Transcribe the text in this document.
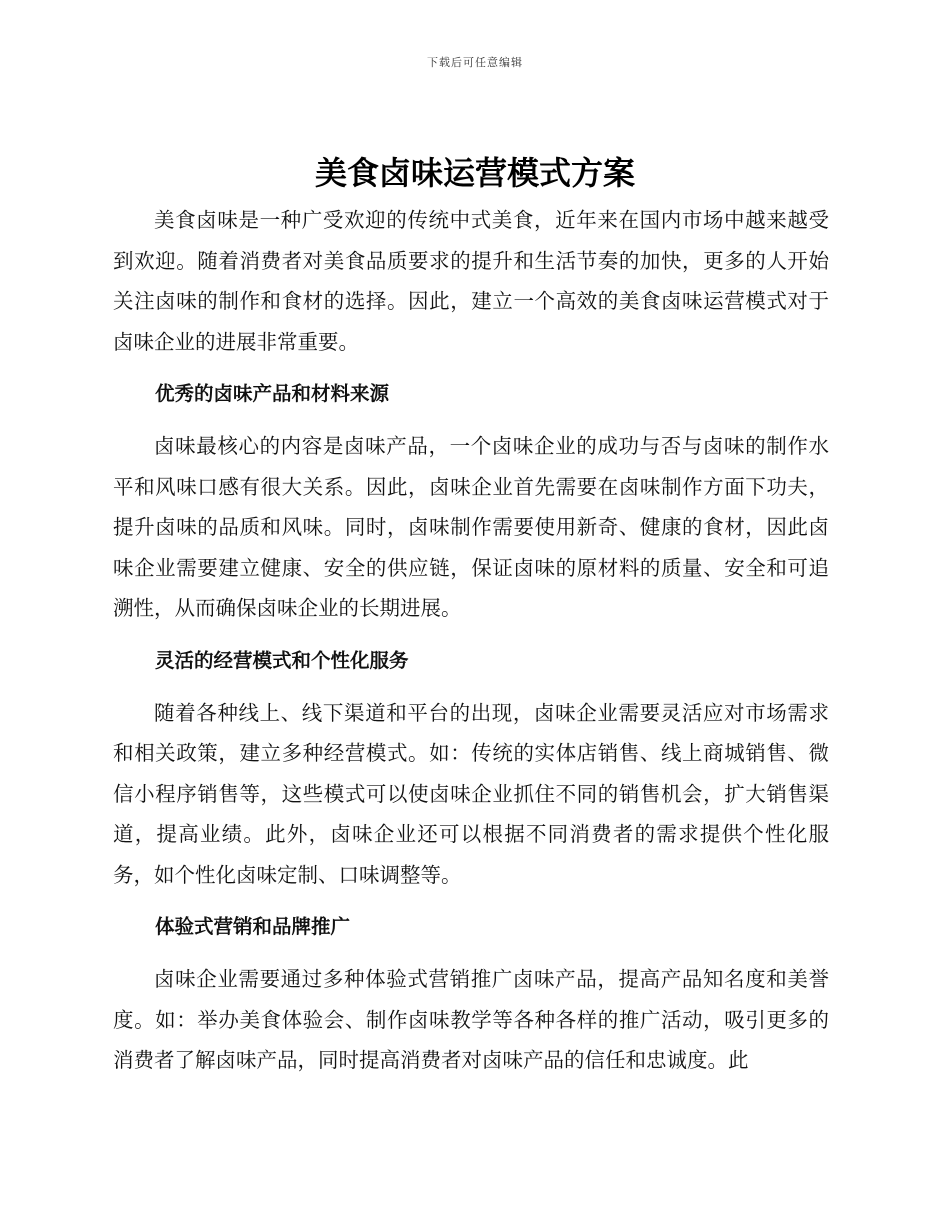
下载后可任意编辑
美食卤味运营模式方案

美食卤味是一种广受欢迎的传统中式美食，近年来在国内市场中越来越受到欢迎。随着消费者对美食品质要求的提升和生活节奏的加快，更多的人开始关注卤味的制作和食材的选择。因此，建立一个高效的美食卤味运营模式对于卤味企业的进展非常重要。

优秀的卤味产品和材料来源

卤味最核心的内容是卤味产品，一个卤味企业的成功与否与卤味的制作水平和风味口感有很大关系。因此，卤味企业首先需要在卤味制作方面下功夫，提升卤味的品质和风味。同时，卤味制作需要使用新奇、健康的食材，因此卤味企业需要建立健康、安全的供应链，保证卤味的原材料的质量、安全和可追溯性，从而确保卤味企业的长期进展。

灵活的经营模式和个性化服务

随着各种线上、线下渠道和平台的出现，卤味企业需要灵活应对市场需求和相关政策，建立多种经营模式。如：传统的实体店销售、线上商城销售、微信小程序销售等，这些模式可以使卤味企业抓住不同的销售机会，扩大销售渠道，提高业绩。此外，卤味企业还可以根据不同消费者的需求提供个性化服务，如个性化卤味定制、口味调整等。

体验式营销和品牌推广

卤味企业需要通过多种体验式营销推广卤味产品，提高产品知名度和美誉度。如：举办美食体验会、制作卤味教学等各种各样的推广活动，吸引更多的消费者了解卤味产品，同时提高消费者对卤味产品的信任和忠诚度。此
